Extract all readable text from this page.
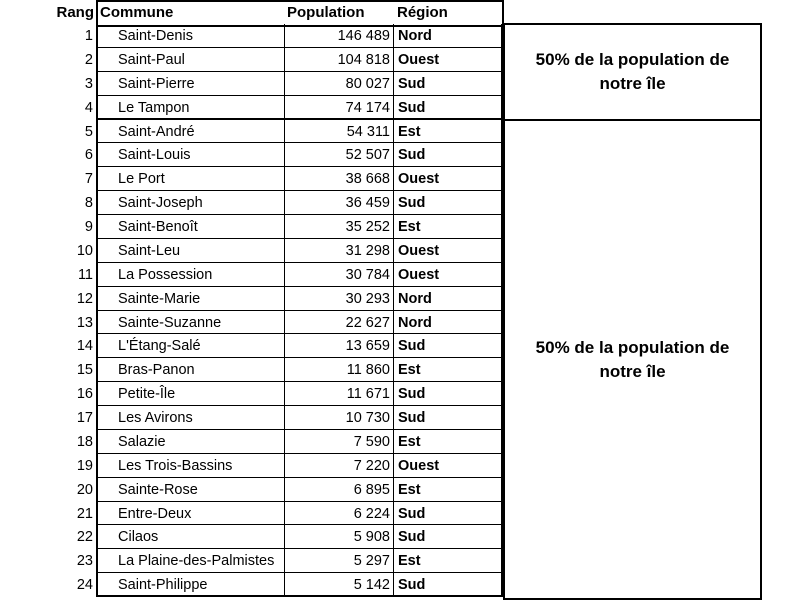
Rang Commune	Population Région
1	Saint-Denis	146 489 Nord
2	Saint-Paul	104 818 Ouest
3	Saint-Pierre	80 027 Sud
4	Le Tampon	74 174 Sud
5	Saint-André	54 311 Est
6	Saint-Louis	52 507 Sud
7	Le Port	38 668 Ouest
8	Saint-Joseph	36 459 Sud
9	Saint-Benoît	35 252 Est
10	Saint-Leu	31 298 Ouest
11	La Possession	30 784 Ouest
12	Sainte-Marie	30 293 Nord
13	Sainte-Suzanne	22 627 Nord
14	L'Étang-Salé	13 659 Sud
15	Bras-Panon	11 860 Est
16	Petite-Île	11 671 Sud
17	Les Avirons	10 730 Sud
18	Salazie	7 590 Est
19	Les Trois-Bassins	7 220 Ouest
20	Sainte-Rose	6 895 Est
21	Entre-Deux	6 224 Sud
22	Cilaos	5 908 Sud
23	La Plaine-des-Palmistes	5 297 Est
24	Saint-Philippe	5 142 Sud
50% de la population de notre île
50% de la population de notre île
